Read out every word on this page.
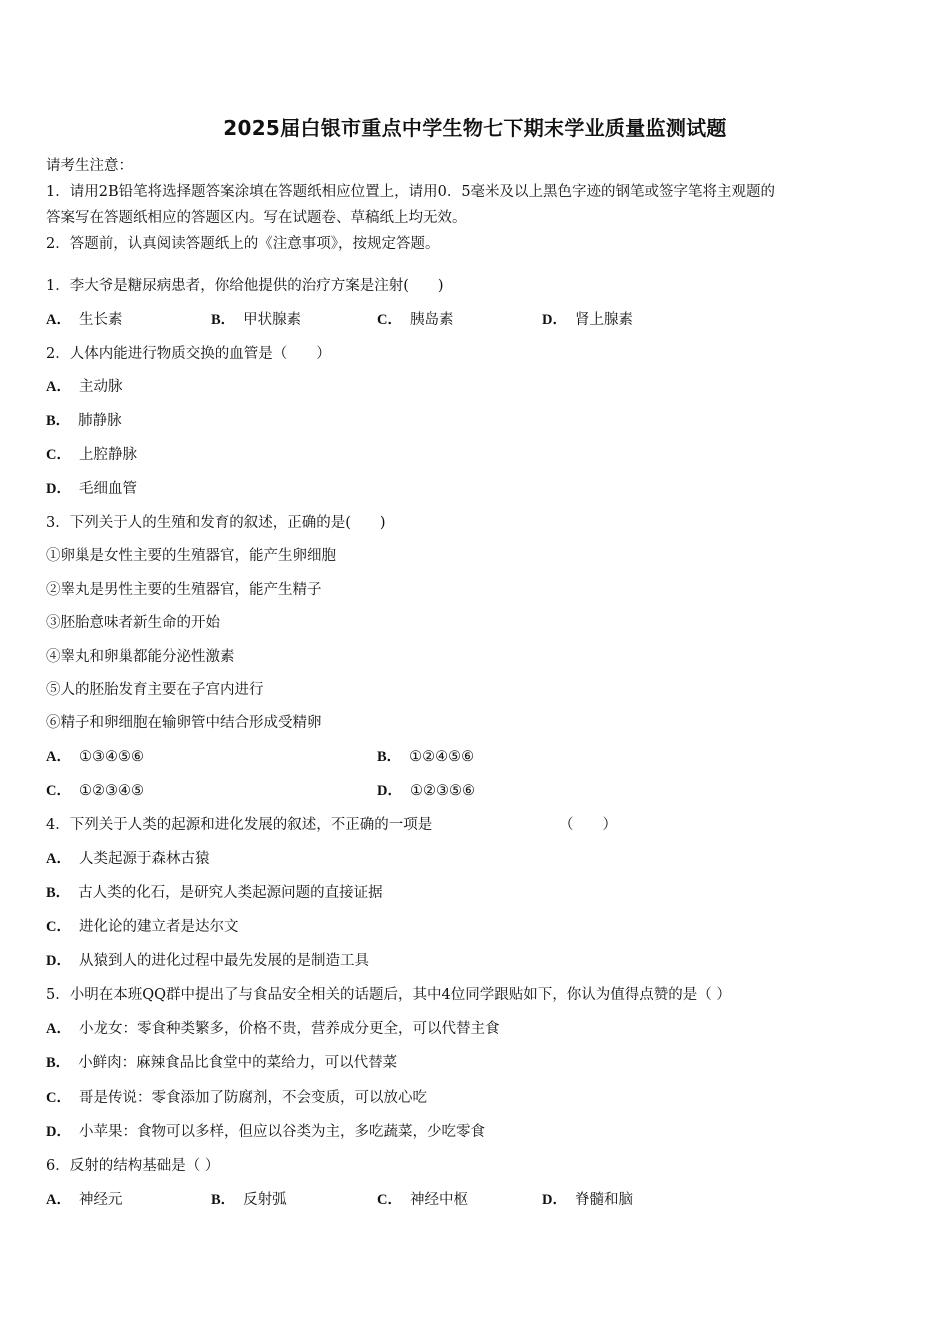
2025届白银市重点中学生物七下期末学业质量监测试题
请考生注意：
1．请用2B铅笔将选择题答案涂填在答题纸相应位置上，请用0．5毫米及以上黑色字迹的钢笔或签字笔将主观题的
答案写在答题纸相应的答题区内。写在试题卷、草稿纸上均无效。
2．答题前，认真阅读答题纸上的《注意事项》，按规定答题。
1．李大爷是糖尿病患者，你给他提供的治疗方案是注射(　　)
A． 生长素	B． 甲状腺素	C． 胰岛素	D． 肾上腺素
2．人体内能进行物质交换的血管是（　　）
A． 主动脉
B． 肺静脉
C． 上腔静脉
D． 毛细血管
3．下列关于人的生殖和发育的叙述，正确的是(　　)
①卵巢是女性主要的生殖器官，能产生卵细胞
②睾丸是男性主要的生殖器官，能产生精子
③胚胎意味者新生命的开始
④睾丸和卵巢都能分泌性激素
⑤人的胚胎发育主要在子宫内进行
⑥精子和卵细胞在输卵管中结合形成受精卵
A． ①③④⑤⑥	B． ①②④⑤⑥
C． ①②③④⑤	D． ①②③⑤⑥
4．下列关于人类的起源和进化发展的叙述，不正确的一项是	（　　）
A． 人类起源于森林古猿
B． 古人类的化石，是研究人类起源问题的直接证据
C． 进化论的建立者是达尔文
D． 从猿到人的进化过程中最先发展的是制造工具
5．小明在本班QQ群中提出了与食品安全相关的话题后，其中4位同学跟贴如下，你认为值得点赞的是（ ）
A． 小龙女：零食种类繁多，价格不贵，营养成分更全，可以代替主食
B． 小鲜肉：麻辣食品比食堂中的菜给力，可以代替菜
C． 哥是传说：零食添加了防腐剂，不会变质，可以放心吃
D． 小苹果：食物可以多样，但应以谷类为主，多吃蔬菜，少吃零食
6．反射的结构基础是（ ）
A． 神经元	B． 反射弧	C． 神经中枢	D． 脊髓和脑
